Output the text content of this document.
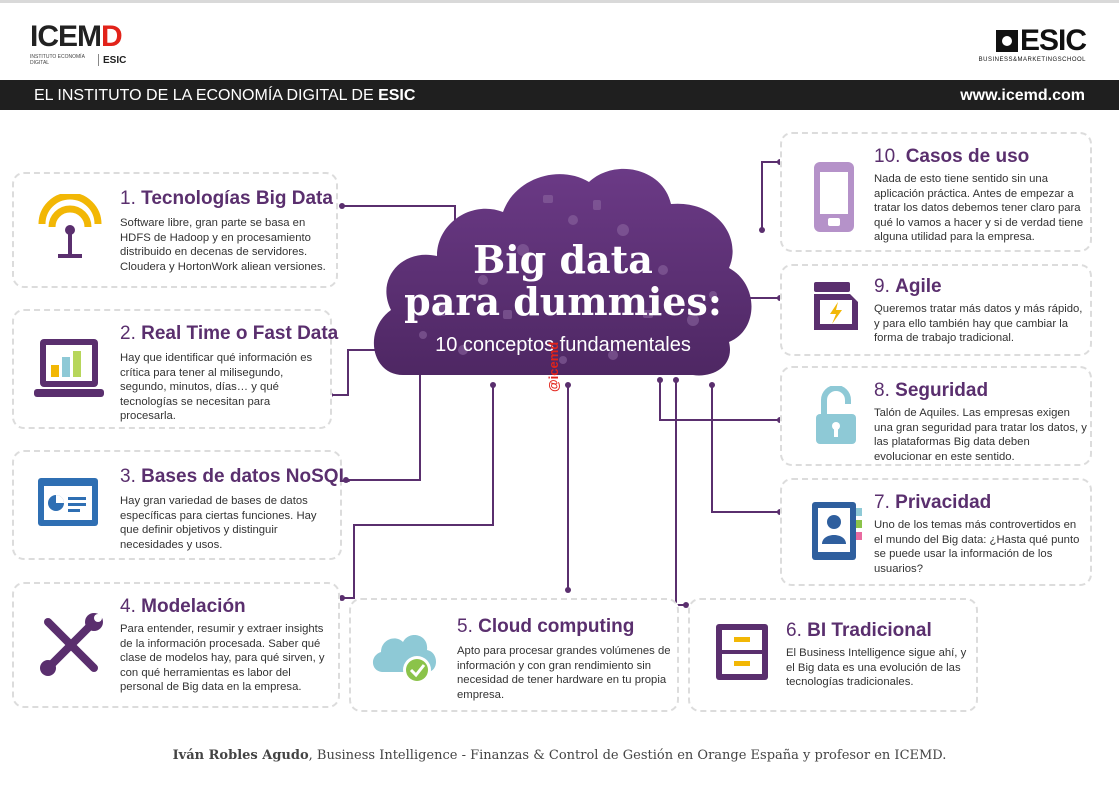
ICEMD
INSTITUTO ECONOMÍA DIGITAL	ESIC
ESIC
BUSINESS&MARKETINGSCHOOL
EL INSTITUTO DE LA ECONOMÍA DIGITAL DE ESIC	www.icemd.com
Big data
para dummies:
10 conceptos fundamentales
@icemd
1. Tecnologías Big Data
Software libre, gran parte se basa en HDFS de Hadoop y en procesamiento distribuido en decenas de servidores. Cloudera y HortonWork aliean versiones.
2. Real Time o Fast Data
Hay que identificar qué información es crítica para tener al milisegundo, segundo, minutos, días… y qué tecnologías se necesitan para procesarla.
3. Bases de datos NoSQL
Hay gran variedad de bases de datos específicas para ciertas funciones. Hay que definir objetivos y distinguir necesidades y usos.
4. Modelación
Para entender, resumir y extraer insights de la información procesada. Saber qué clase de modelos hay, para qué sirven, y con qué herramientas es labor del personal de Big data en la empresa.
5. Cloud computing
Apto para procesar grandes volúmenes de información y con gran rendimiento sin necesidad de tener hardware en tu propia empresa.
6. BI Tradicional
El Business Intelligence sigue ahí, y el Big data es una evolución de las tecnologías tradicionales.
7. Privacidad
Uno de los temas más controvertidos en el mundo del Big data: ¿Hasta qué punto se puede usar la información de los usuarios?
8. Seguridad
Talón de Aquiles. Las empresas exigen una gran seguridad para tratar los datos, y las plataformas Big data deben evolucionar en este sentido.
9. Agile
Queremos tratar más datos y más rápido, y para ello también hay que cambiar la forma de trabajo tradicional.
10. Casos de uso
Nada de esto tiene sentido sin una aplicación práctica. Antes de empezar a tratar los datos debemos tener claro para qué lo vamos a hacer y si de verdad tiene alguna utilidad para la empresa.
Iván Robles Agudo, Business Intelligence - Finanzas & Control de Gestión en Orange España y profesor en ICEMD.
